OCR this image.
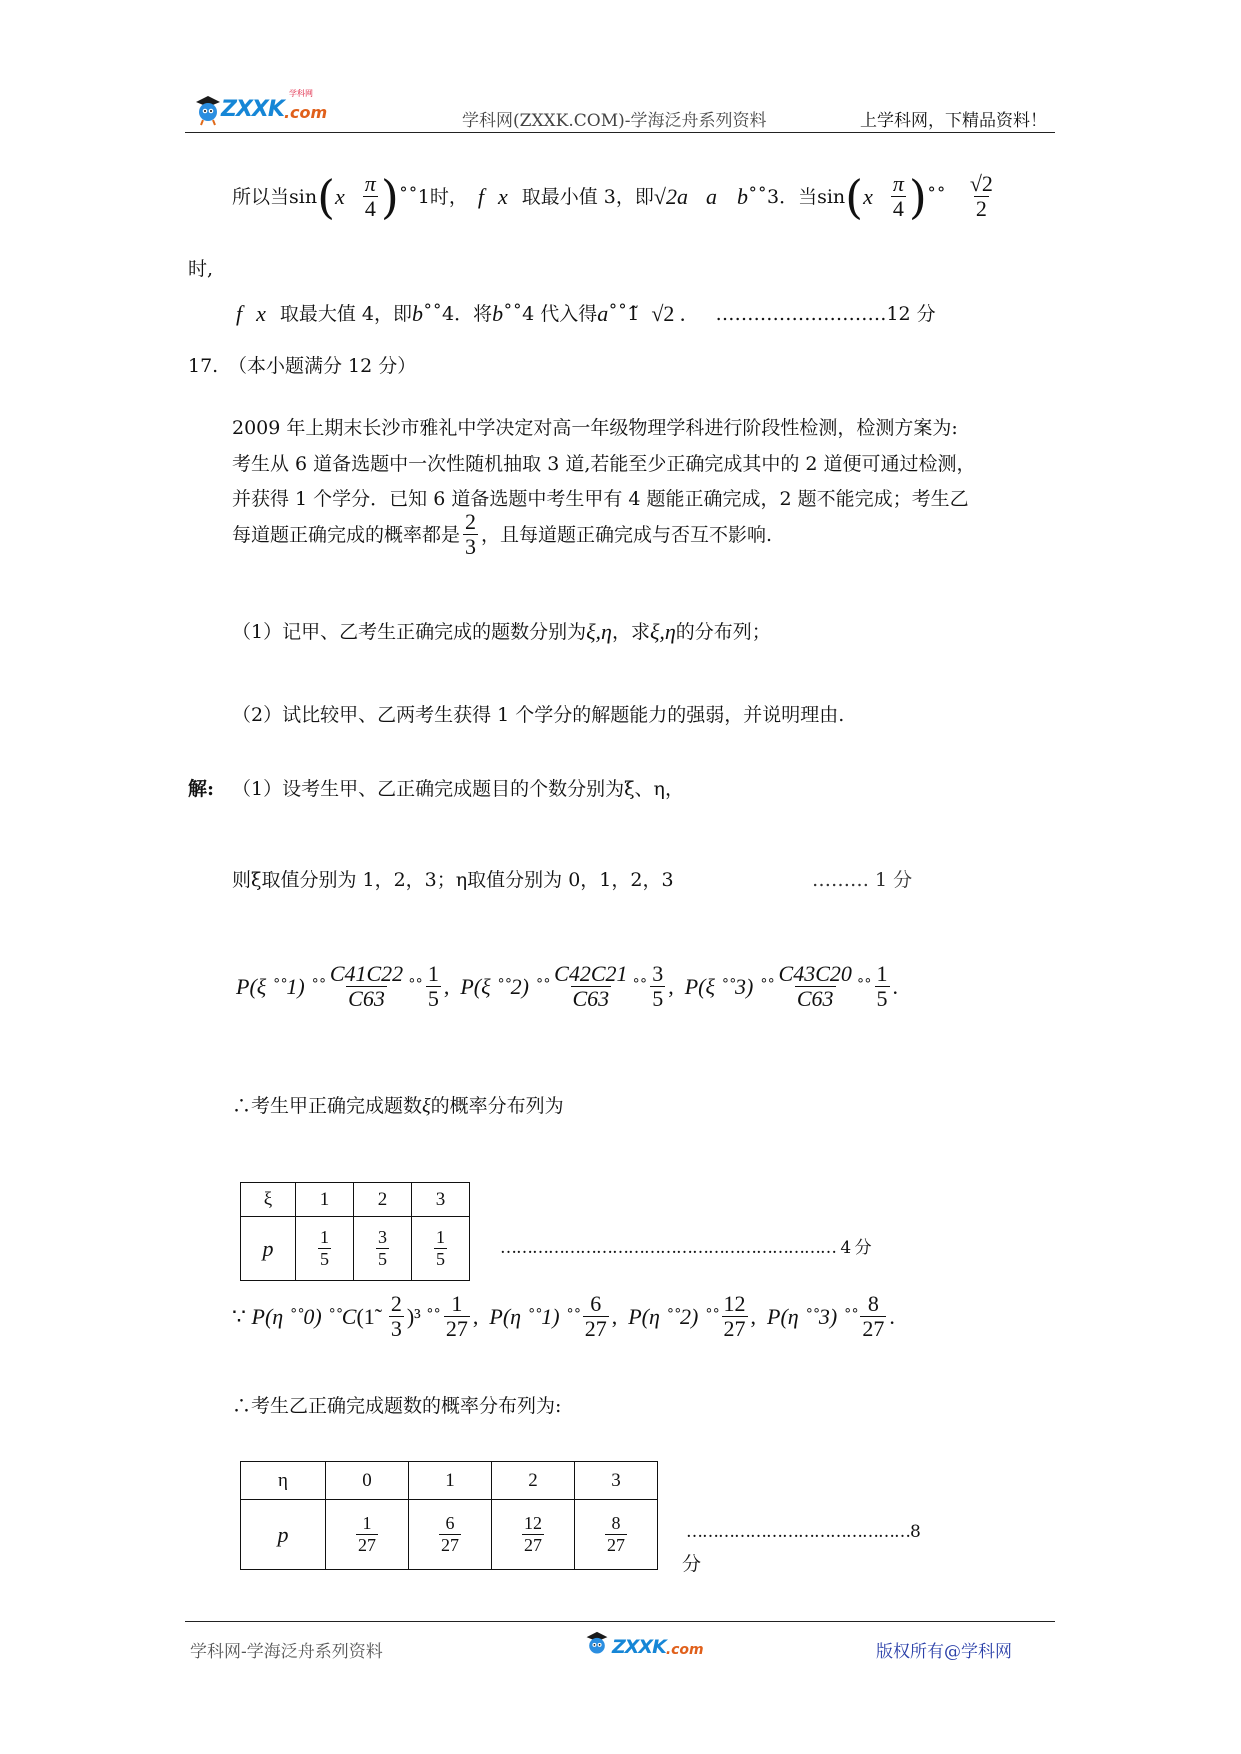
ZXXK .com
学科网
学科网(ZXXK.COM)-学海泛舟系列资料	上学科网，下精品资料！
所以当sin ( x $\frac{\pi}{4}$ ) ˚˚1时， f x 取最小值 3，即 √2a a b ˚˚3．当sin ( x $\frac{\pi}{4}$ ) ˚˚ $\frac{√2}{2}$
时,
f x 取最大值 4，即 b ˚˚4．将 b ˚˚4 代入得 a ˚˚1̃ √2 . ………………………12 分
17. （本小题满分 12 分）
2009 年上期末长沙市雅礼中学决定对高一年级物理学科进行阶段性检测，检测方案为:
考生从 6 道备选题中一次性随机抽取 3 道,若能至少正确完成其中的 2 道便可通过检测，
并获得 1 个学分．已知 6 道备选题中考生甲有 4 题能正确完成，2 题不能完成；考生乙
每道题正确完成的概率都是 $\frac{2}{3}$ ，且每道题正确完成与否互不影响.
（1）记甲、乙考生正确完成的题数分别为 ξ,η ，求 ξ,η 的分布列；
（2）试比较甲、乙两考生获得 1 个学分的解题能力的强弱，并说明理由.
解: （1）设考生甲、乙正确完成题目的个数分别为ξ、η，
则ξ取值分别为 1，2，3；η取值分别为 0，1，2，3	……… 1 分
P(ξ ˚˚1) ˚˚ $\frac{C41C22}{C63}$ ˚˚ $\frac{1}{5}$ , P(ξ ˚˚2) ˚˚ $\frac{C42C21}{C63}$ ˚˚ $\frac{3}{5}$ , P(ξ ˚˚3) ˚˚ $\frac{C43C20}{C63}$ ˚˚ $\frac{1}{5}$ .
∴考生甲正确完成题数 ξ 的概率分布列为
ξ	1	2	3
p	$\frac{1}{5}$	$\frac{3}{5}$	$\frac{1}{5}$	……………………………………………………… 4 分
∵
P(η ˚˚0) ˚˚C (1̃ $\frac{2}{3} )^3$ ˚˚ $\frac{1}{27}$ , P(η ˚˚1) ˚˚ $\frac{6}{27}$ , P(η ˚˚2) ˚˚ $\frac{12}{27}$ , P(η ˚˚3) ˚˚ $\frac{8}{27}$ .
∴考生乙正确完成题数的概率分布列为:
η	0	1	2	3
p	$\frac{1}{27}$	$\frac{6}{27}$	$\frac{12}{27}$	$\frac{8}{27}$	……………………………………8
分
学科网-学海泛舟系列资料	ZXXK .com	版权所有@学科网
